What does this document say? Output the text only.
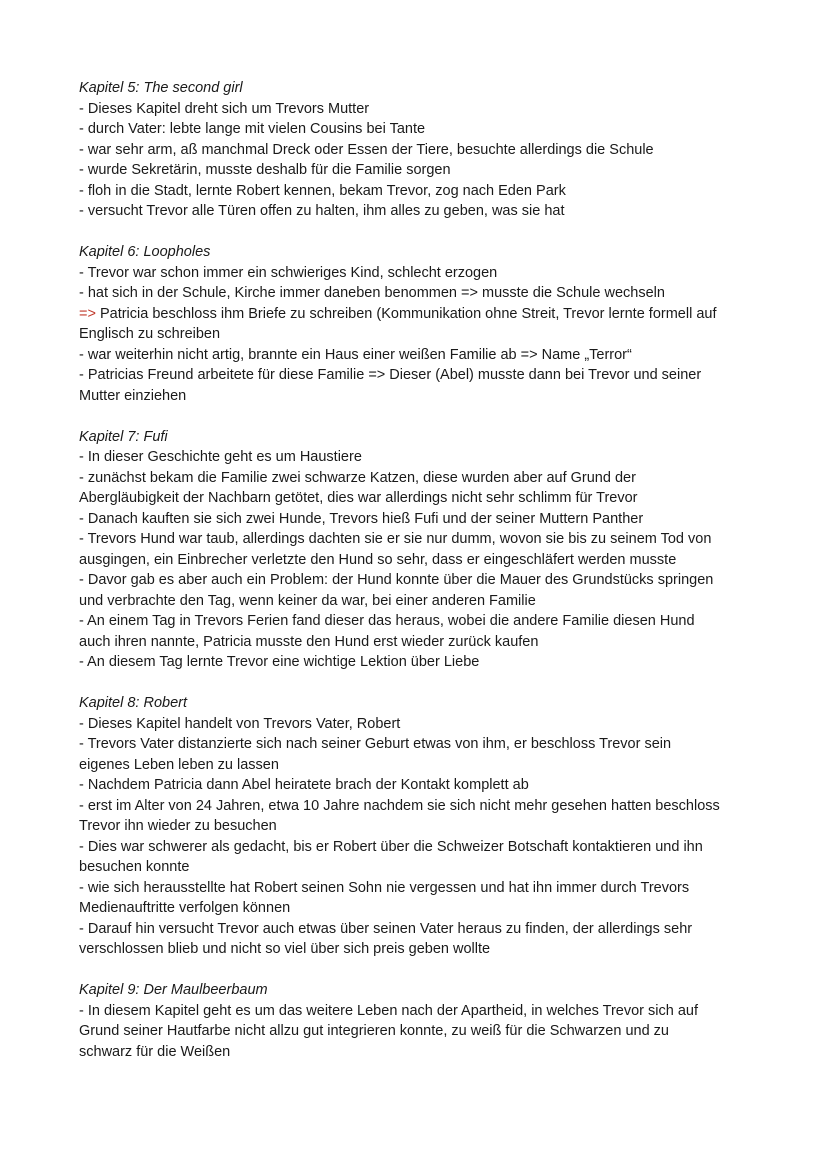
Kapitel 5: The second girl

- Dieses Kapitel dreht sich um Trevors Mutter

- durch Vater: lebte lange mit vielen Cousins bei Tante

- war sehr arm, aß manchmal Dreck oder Essen der Tiere, besuchte allerdings die Schule

- wurde Sekretärin, musste deshalb für die Familie sorgen

- floh in die Stadt, lernte Robert kennen, bekam Trevor, zog nach Eden Park

- versucht Trevor alle Türen offen zu halten, ihm alles zu geben, was sie hat

Kapitel 6: Loopholes

- Trevor war schon immer ein schwieriges Kind, schlecht erzogen

- hat sich in der Schule, Kirche immer daneben benommen => musste die Schule wechseln

=> Patricia beschloss ihm Briefe zu schreiben (Kommunikation ohne Streit, Trevor lernte formell auf

Englisch zu schreiben

- war weiterhin nicht artig, brannte ein Haus einer weißen Familie ab => Name „Terror“

- Patricias Freund arbeitete für diese Familie => Dieser (Abel) musste dann bei Trevor und seiner

Mutter einziehen

Kapitel 7: Fufi

- In dieser Geschichte geht es um Haustiere

- zunächst bekam die Familie zwei schwarze Katzen, diese wurden aber auf Grund der

Abergläubigkeit der Nachbarn getötet, dies war allerdings nicht sehr schlimm für Trevor

- Danach kauften sie sich zwei Hunde, Trevors hieß Fufi und der seiner Muttern Panther

- Trevors Hund war taub, allerdings dachten sie er sie nur dumm, wovon sie bis zu seinem Tod von

ausgingen, ein Einbrecher verletzte den Hund so sehr, dass er eingeschläfert werden musste

- Davor gab es aber auch ein Problem: der Hund konnte über die Mauer des Grundstücks springen

und verbrachte den Tag, wenn keiner da war, bei einer anderen Familie

- An einem Tag in Trevors Ferien fand dieser das heraus, wobei die andere Familie diesen Hund

auch ihren nannte, Patricia musste den Hund erst wieder zurück kaufen

- An diesem Tag lernte Trevor eine wichtige Lektion über Liebe

Kapitel 8: Robert

- Dieses Kapitel handelt von Trevors Vater, Robert

- Trevors Vater distanzierte sich nach seiner Geburt etwas von ihm, er beschloss Trevor sein

eigenes Leben leben zu lassen

- Nachdem Patricia dann Abel heiratete brach der Kontakt komplett ab

- erst im Alter von 24 Jahren, etwa 10 Jahre nachdem sie sich nicht mehr gesehen hatten beschloss

Trevor ihn wieder zu besuchen

- Dies war schwerer als gedacht, bis er Robert über die Schweizer Botschaft kontaktieren und ihn

besuchen konnte

- wie sich herausstellte hat Robert seinen Sohn nie vergessen und hat ihn immer durch Trevors

Medienauftritte verfolgen können

- Darauf hin versucht Trevor auch etwas über seinen Vater heraus zu finden, der allerdings sehr

verschlossen blieb und nicht so viel über sich preis geben wollte

Kapitel 9: Der Maulbeerbaum

- In diesem Kapitel geht es um das weitere Leben nach der Apartheid, in welches Trevor sich auf

Grund seiner Hautfarbe nicht allzu gut integrieren konnte, zu weiß für die Schwarzen und zu

schwarz für die Weißen
